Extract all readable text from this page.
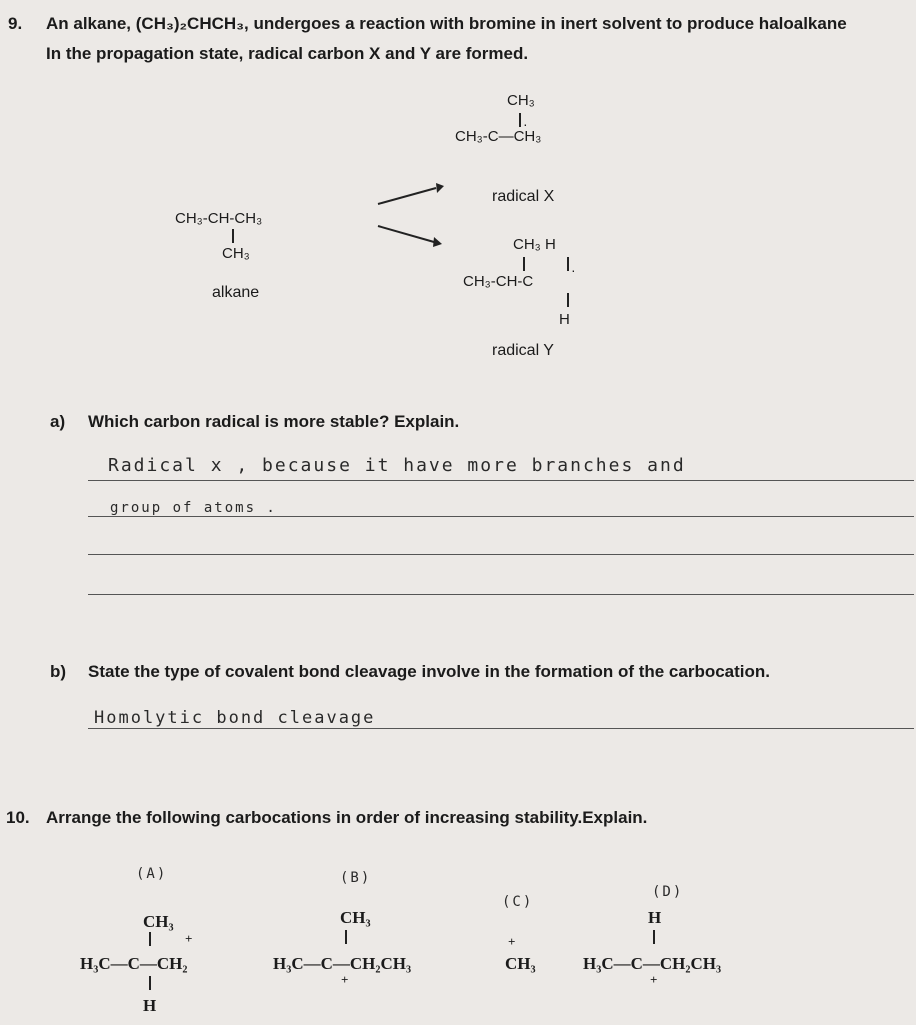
9. An alkane, (CH₃)₂CHCH₃, undergoes a reaction with bromine in inert solvent to produce haloalkane
In the propagation state, radical carbon X and Y are formed.
CH₃
CH₃-C—CH₃
·
radical X
CH₃-CH-CH₃
CH₃
alkane
CH₃ H
CH₃-CH-C
·
H
radical Y
a) Which carbon radical is more stable? Explain.
Radical x , because it have more branches and
group of atoms .
b) State the type of covalent bond cleavage involve in the formation of the carbocation.
Homolytic bond cleavage
10. Arrange the following carbocations in order of increasing stability.Explain.
(A)
CH₃
+
H₃C—C—CH₂
H
(B)
CH₃
H₃C—C—CH₂CH₃
+
(C)
+
CH₃
(D)
H
H₃C—C—CH₂CH₃
+
